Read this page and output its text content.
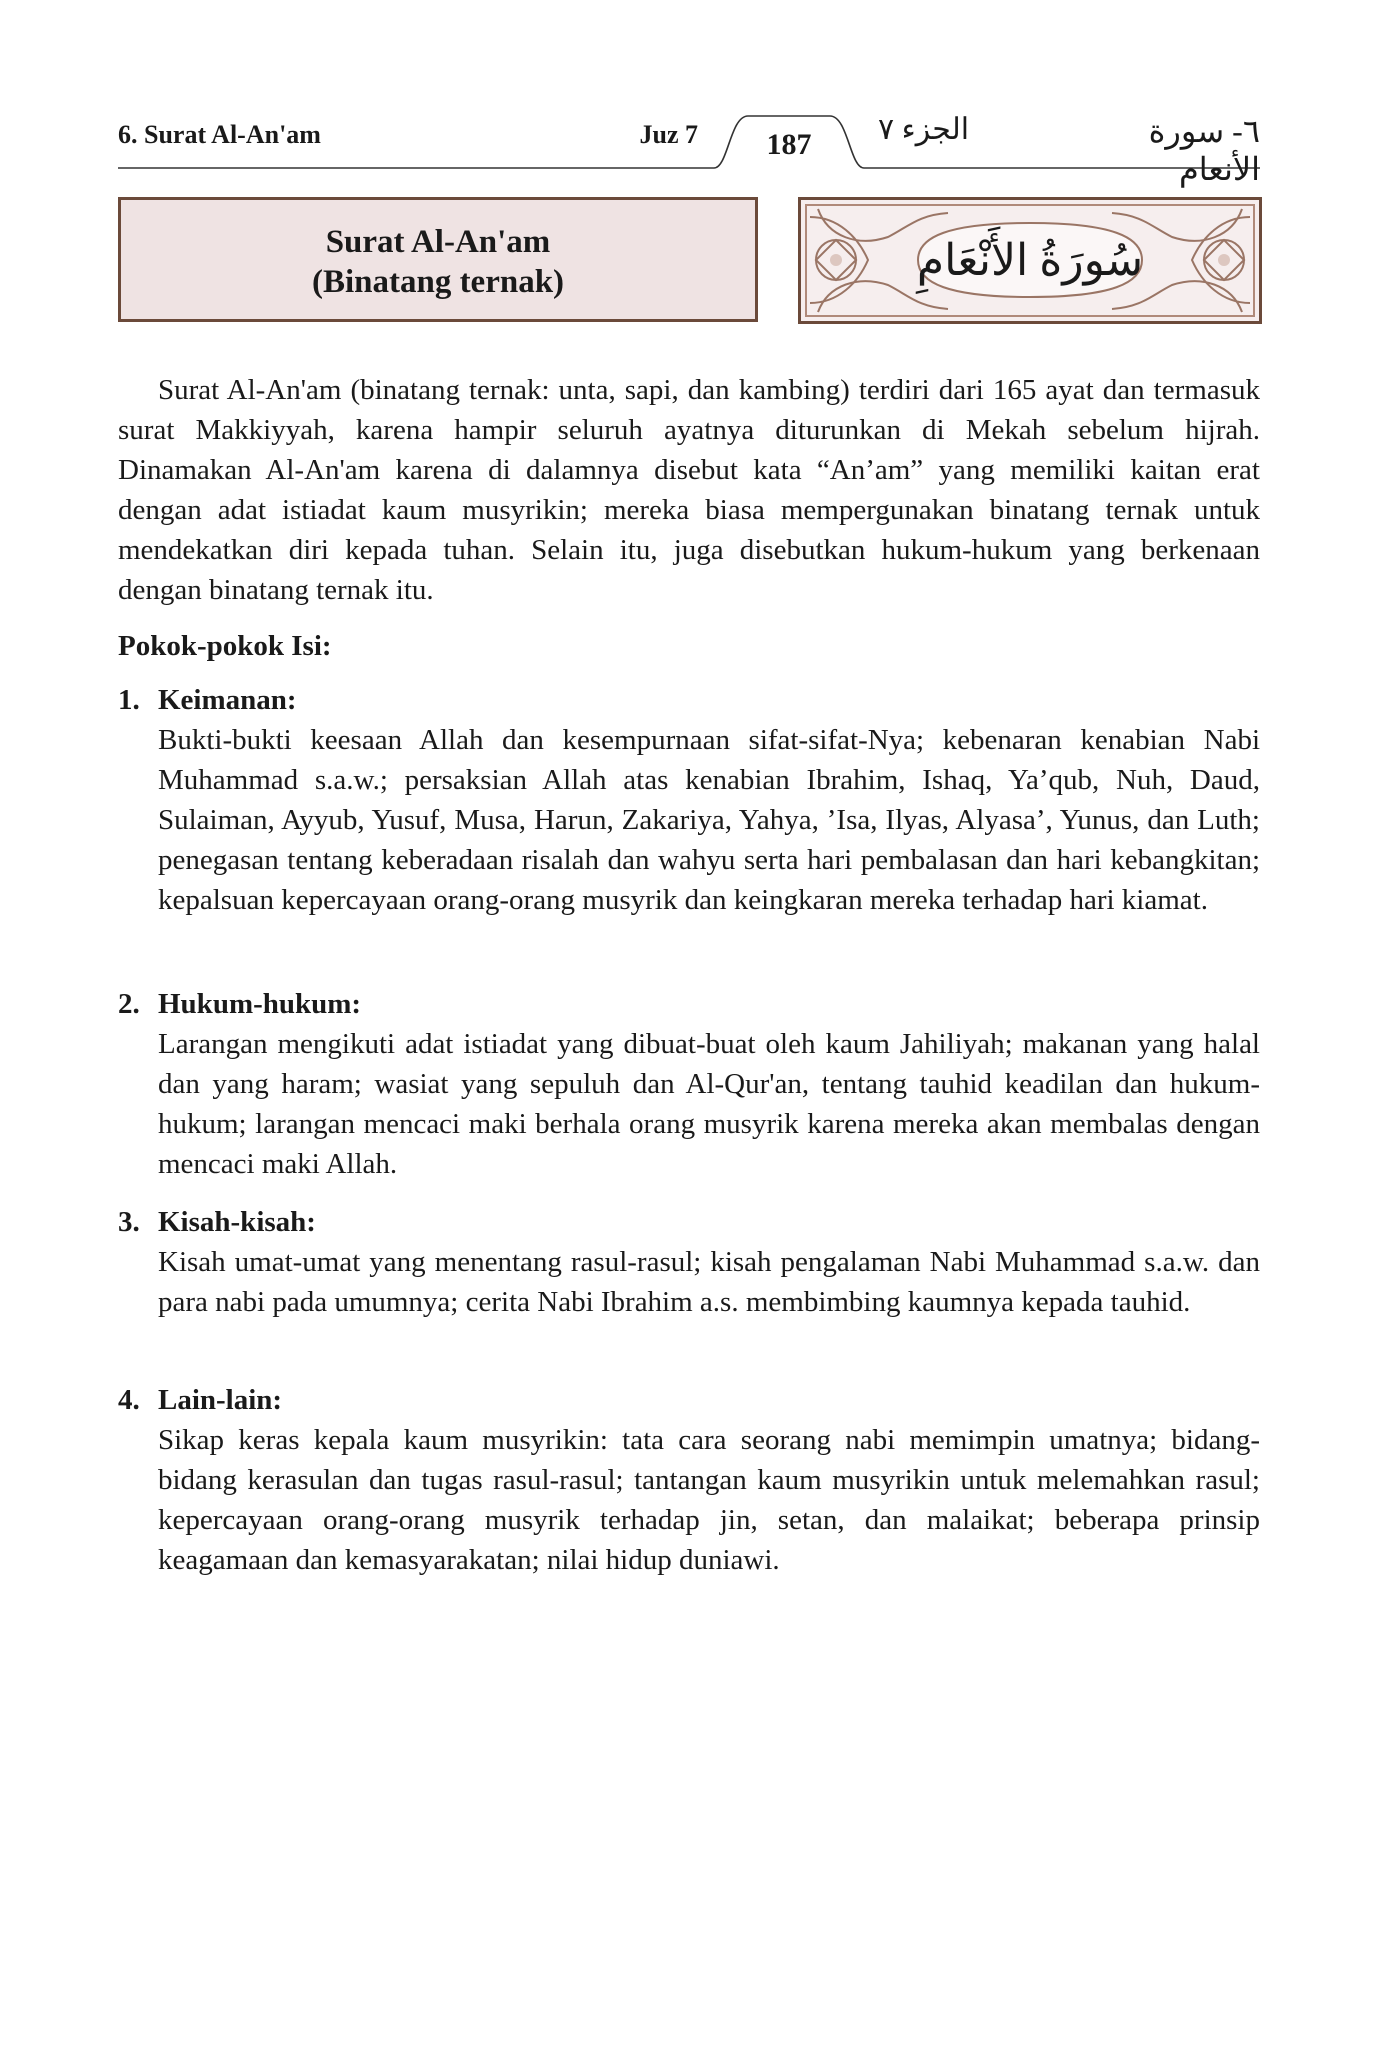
6. Surat Al-An'am	Juz 7	187	الجزء ٧	٦- سورة الأنعام
Surat Al-An'am
(Binatang ternak)	سُورَةُ الأَنْعَامِ

Surat Al-An'am (binatang ternak: unta, sapi, dan kambing) terdiri dari 165 ayat dan termasuk surat Makkiyyah, karena hampir seluruh ayatnya diturunkan di Mekah sebelum hijrah. Dinamakan Al-An'am karena di dalamnya disebut kata “An’am” yang memiliki kaitan erat dengan adat istiadat kaum musyrikin; mereka biasa mempergunakan binatang ternak untuk mendekatkan diri kepada tuhan. Selain itu, juga disebutkan hukum-hukum yang berkenaan dengan binatang ternak itu.

Pokok-pokok Isi:

1. Keimanan:

Bukti-bukti keesaan Allah dan kesempurnaan sifat-sifat-Nya; kebenaran kenabian Nabi Muhammad s.a.w.; persaksian Allah atas kenabian Ibrahim, Ishaq, Ya’qub, Nuh, Daud, Sulaiman, Ayyub, Yusuf, Musa, Harun, Zakariya, Yahya, ’Isa, Ilyas, Alyasa’, Yunus, dan Luth; penegasan tentang keberadaan risalah dan wahyu serta hari pembalasan dan hari kebangkitan; kepalsuan kepercayaan orang-orang musyrik dan keingkaran mereka terhadap hari kiamat.

2. Hukum-hukum:

Larangan mengikuti adat istiadat yang dibuat-buat oleh kaum Jahiliyah; makanan yang halal dan yang haram; wasiat yang sepuluh dan Al-Qur'an, tentang tauhid keadilan dan hukum-hukum; larangan mencaci maki berhala orang musyrik karena mereka akan membalas dengan mencaci maki Allah.

3. Kisah-kisah:

Kisah umat-umat yang menentang rasul-rasul; kisah pengalaman Nabi Muhammad s.a.w. dan para nabi pada umumnya; cerita Nabi Ibrahim a.s. membimbing kaumnya kepada tauhid.

4. Lain-lain:

Sikap keras kepala kaum musyrikin: tata cara seorang nabi memimpin umatnya; bidang-bidang kerasulan dan tugas rasul-rasul; tantangan kaum musyrikin untuk melemahkan rasul; kepercayaan orang-orang musyrik terhadap jin, setan, dan malaikat; beberapa prinsip keagamaan dan kemasyarakatan; nilai hidup duniawi.
